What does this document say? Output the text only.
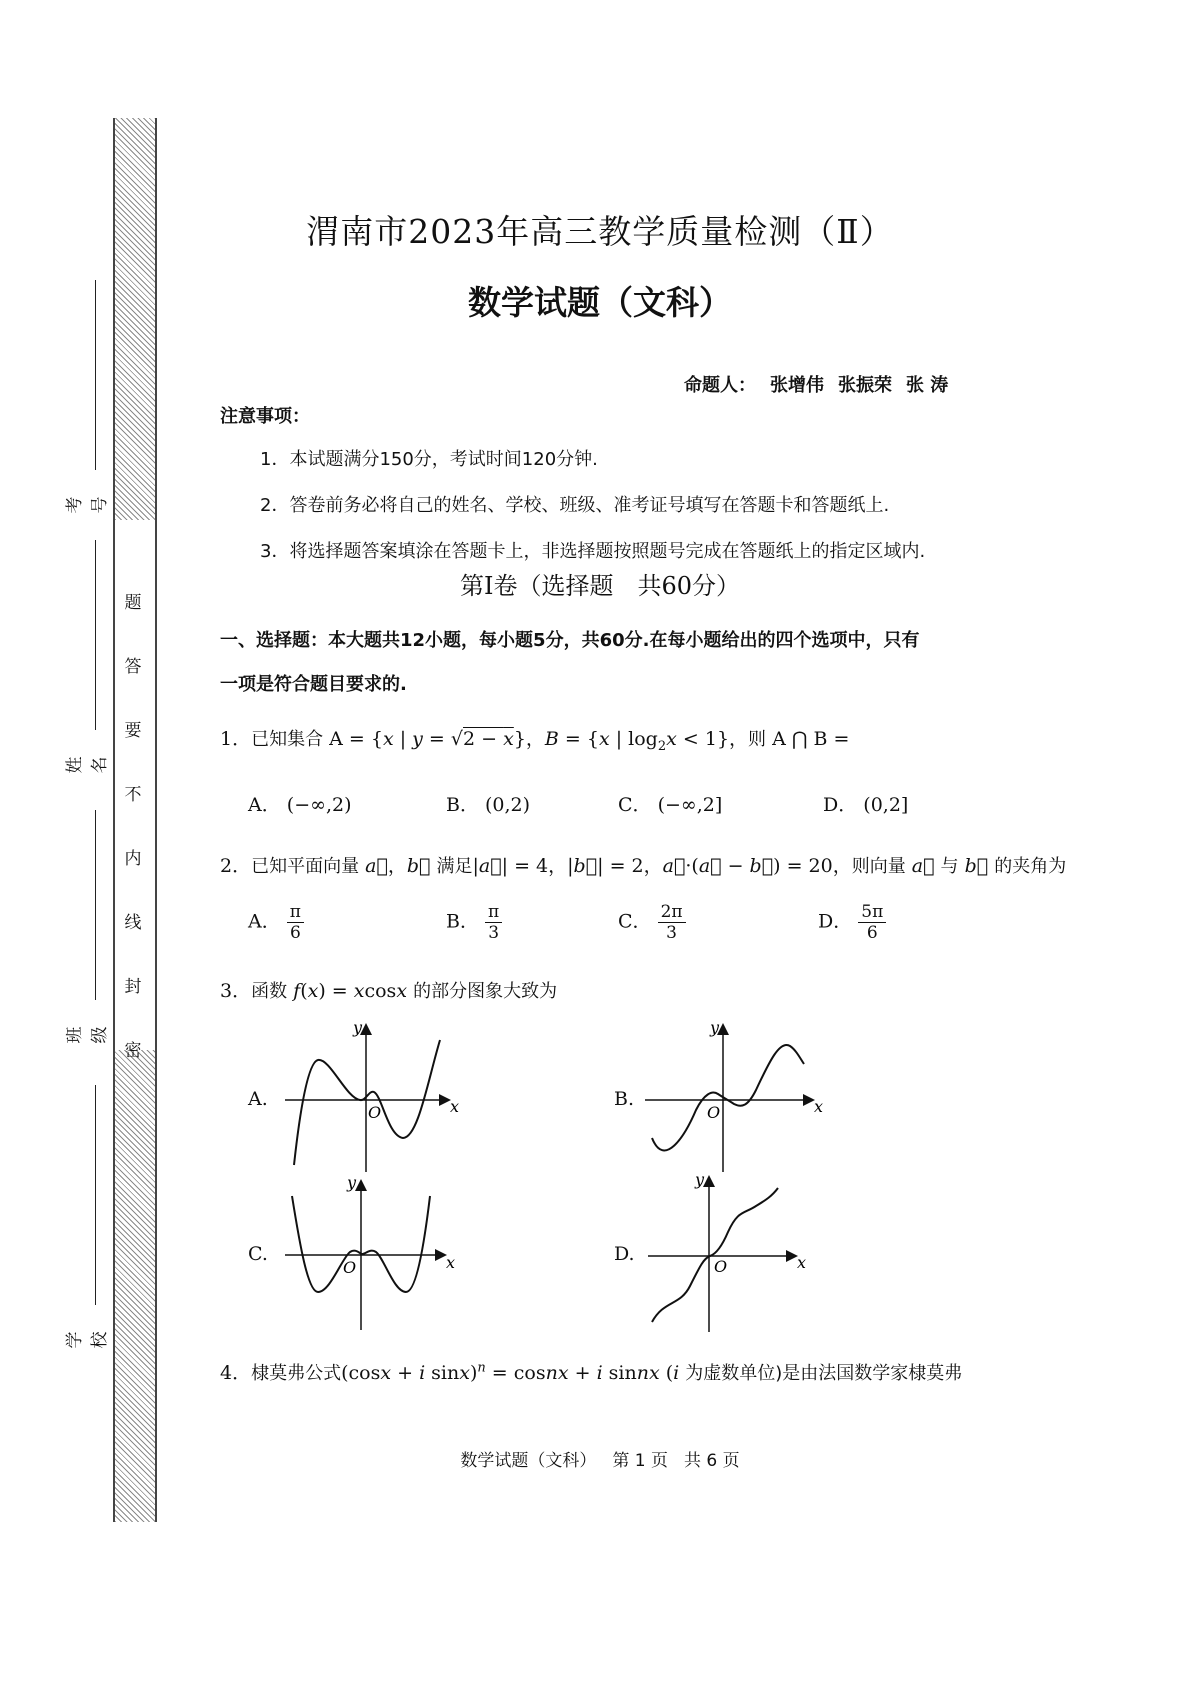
题
答
要
不
内
线
封
密
考号
姓名
班级
学校
渭南市2023年高三教学质量检测（Ⅱ）
数学试题（文科）
命题人： 张增伟 张振荣 张 涛
注意事项：
1．本试题满分150分，考试时间120分钟.
2．答卷前务必将自己的姓名、学校、班级、准考证号填写在答题卡和答题纸上.
3．将选择题答案填涂在答题卡上，非选择题按照题号完成在答题纸上的指定区域内.
第Ⅰ卷（选择题　共60分）
一、选择题：本大题共12小题，每小题5分，共60分.在每小题给出的四个选项中，只有
一项是符合题目要求的.
1．已知集合 A = {x | y = √2 − x}，B = {x | $\log_2x < 1$}，则 A ⋂ B =
A． (−∞,2)	B． (0,2)	C． (−∞,2]	D． (0,2]
2．已知平面向量 a⃗，b⃗ 满足|a⃗| = 4，|b⃗| = 2，a⃗·(a⃗ − b⃗) = 20，则向量 a⃗ 与 b⃗ 的夹角为
A． $\frac{\pi}{6}$	B． $\frac{\pi}{3}$	C． $\frac{2\pi}{3}$	D． $\frac{5\pi}{6}$
3．函数 f(x) = xcosx 的部分图象大致为
A.	B.
C.	D.
x
y
O	x
y
O
x
y
O	x
y
O
4．棣莫弗公式(cosx + i sinx)$^n$ = cosnx + i sinnx (i 为虚数单位)是由法国数学家棣莫弗
数学试题（文科） 第 1 页 共 6 页
